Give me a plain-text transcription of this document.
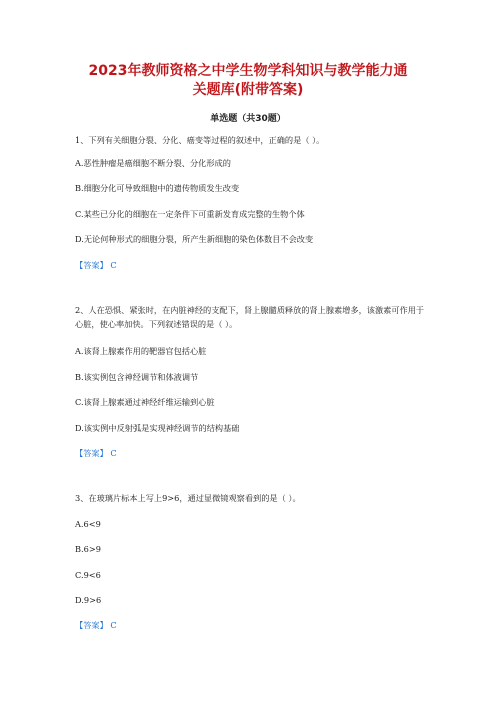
2023年教师资格之中学生物学科知识与教学能力通
关题库(附带答案)
单选题（共30题）
1、下列有关细胞分裂、分化、癌变等过程的叙述中，正确的是（ ）。
A.恶性肿瘤是癌细胞不断分裂、分化形成的
B.细胞分化可导致细胞中的遗传物质发生改变
C.某些已分化的细胞在一定条件下可重新发育成完整的生物个体
D.无论何种形式的细胞分裂，所产生新细胞的染色体数目不会改变
【答案】 C
2、人在恐惧、紧张时，在内脏神经的支配下，肾上腺髓质释放的肾上腺素增多，该激素可作用于心脏，使心率加快。下列叙述错误的是（ ）。
A.该肾上腺素作用的靶器官包括心脏
B.该实例包含神经调节和体液调节
C.该肾上腺素通过神经纤维运输到心脏
D.该实例中反射弧是实现神经调节的结构基础
【答案】 C
3、在玻璃片标本上写上9>6，通过显微镜观察看到的是（ ）。
A.6<9
B.6>9
C.9<6
D.9>6
【答案】 C
